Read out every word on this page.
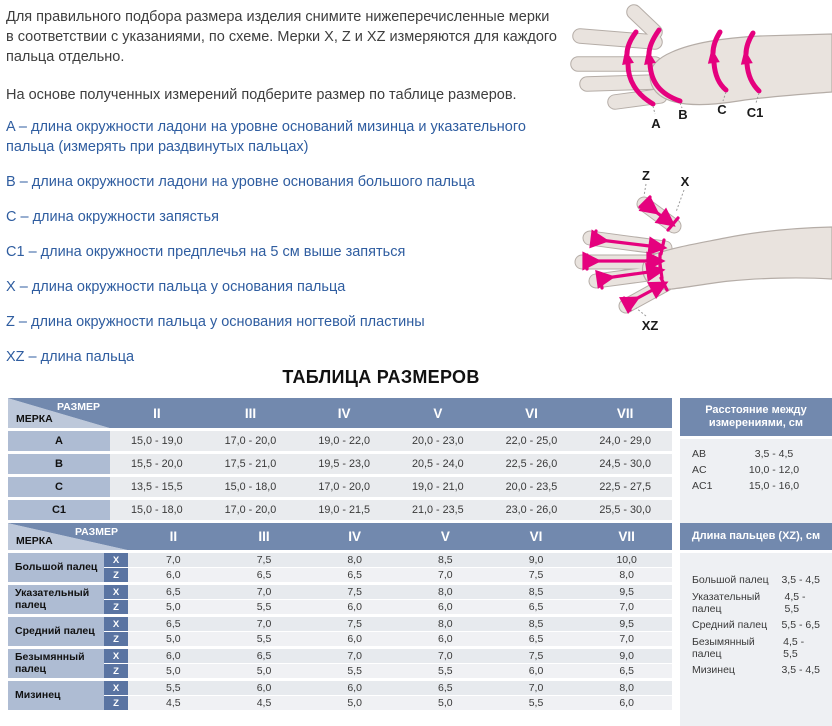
Для правильного подбора размера изделия снимите нижеперечисленные мерки в соответствии с указаниями, по схеме. Мерки X, Z и XZ измеряются для каждого пальца отдельно.

На основе полученных измерений подберите размер по таблице размеров.

A – длина окружности ладони на уровне оснований мизинца и указательного пальца (измерять при раздвинутых пальцах)
B – длина окружности ладони на уровне основания большого пальца
C – длина окружности запястья
C1 – длина окружности предплечья на 5 см выше запяться
X – длина окружности пальца у основания пальца
Z – длина окружности пальца у основания ногтевой пластины
XZ – длина пальца
A
B C C1
Z X
XZ
ТАБЛИЦА РАЗМЕРОВ
РАЗМЕР
МЕРКА	II	III	IV	V	VI	VII
A	15,0 - 19,0	17,0 - 20,0	19,0 - 22,0	20,0 - 23,0	22,0 - 25,0	24,0 - 29,0
B	15,5 - 20,0	17,5 - 21,0	19,5 - 23,0	20,5 - 24,0	22,5 - 26,0	24,5 - 30,0
C	13,5 - 15,5	15,0 - 18,0	17,0 - 20,0	19,0 - 21,0	20,0 - 23,5	22,5 - 27,5
C1	15,0 - 18,0	17,0 - 20,0	19,0 - 21,5	21,0 - 23,5	23,0 - 26,0	25,5 - 30,0
Расстояние между измерениями, см
AB	3,5 - 4,5
AC	10,0 - 12,0
AC1	15,0 - 16,0
РАЗМЕР
МЕРКА	II	III	IV	V	VI	VII
Большой палец
X	7,0	7,5	8,0	8,5	9,0	10,0
Z	6,0	6,5	6,5	7,0	7,5	8,0
Указательный палец
X	6,5	7,0	7,5	8,0	8,5	9,5
Z	5,0	5,5	6,0	6,0	6,5	7,0
Средний палец
X	6,5	7,0	7,5	8,0	8,5	9,5
Z	5,0	5,5	6,0	6,0	6,5	7,0
Безымянный палец
X	6,0	6,5	7,0	7,0	7,5	9,0
Z	5,0	5,0	5,5	5,5	6,0	6,5
Мизинец
X	5,5	6,0	6,0	6,5	7,0	8,0
Z	4,5	4,5	5,0	5,0	5,5	6,0
Длина пальцев (XZ), см
Большой палец 3,5 - 4,5
Указательный палец
4,5 - 5,5
Средний палец 5,5 - 6,5
Безымянный палец
4,5 - 5,5
Мизинец	3,5 - 4,5
